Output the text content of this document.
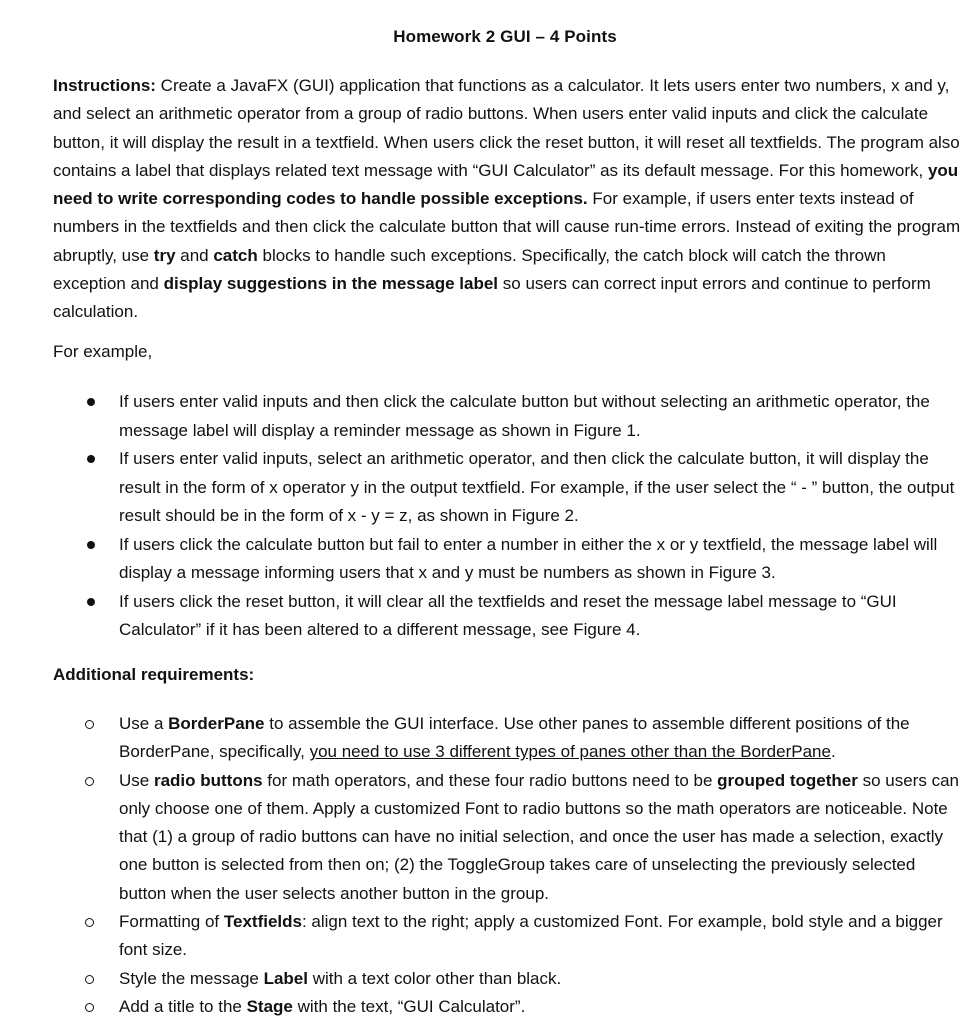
Homework 2 GUI – 4 Points

Instructions: Create a JavaFX (GUI) application that functions as a calculator. It lets users enter two numbers, x and y, and select an arithmetic operator from a group of radio buttons. When users enter valid inputs and click the calculate button, it will display the result in a textfield. When users click the reset button, it will reset all textfields. The program also contains a label that displays related text message with “GUI Calculator” as its default message. For this homework, you need to write corresponding codes to handle possible exceptions. For example, if users enter texts instead of numbers in the textfields and then click the calculate button that will cause run-time errors. Instead of exiting the program abruptly, use try and catch blocks to handle such exceptions. Specifically, the catch block will catch the thrown exception and display suggestions in the message label so users can correct input errors and continue to perform calculation.

For example,

If users enter valid inputs and then click the calculate button but without selecting an arithmetic operator, the message label will display a reminder message as shown in Figure 1.
If users enter valid inputs, select an arithmetic operator, and then click the calculate button, it will display the result in the form of x operator y in the output textfield. For example, if the user select the “ - ” button, the output result should be in the form of x - y = z, as shown in Figure 2.
If users click the calculate button but fail to enter a number in either the x or y textfield, the message label will display a message informing users that x and y must be numbers as shown in Figure 3.
If users click the reset button, it will clear all the textfields and reset the message label message to “GUI Calculator” if it has been altered to a different message, see Figure 4.

Additional requirements:

Use a BorderPane to assemble the GUI interface. Use other panes to assemble different positions of the BorderPane, specifically, you need to use 3 different types of panes other than the BorderPane.
Use radio buttons for math operators, and these four radio buttons need to be grouped together so users can only choose one of them. Apply a customized Font to radio buttons so the math operators are noticeable. Note that (1) a group of radio buttons can have no initial selection, and once the user has made a selection, exactly one button is selected from then on; (2) the ToggleGroup takes care of unselecting the previously selected button when the user selects another button in the group.
Formatting of Textfields: align text to the right; apply a customized Font. For example, bold style and a bigger font size.
Style the message Label with a text color other than black.
Add a title to the Stage with the text, “GUI Calculator”.
